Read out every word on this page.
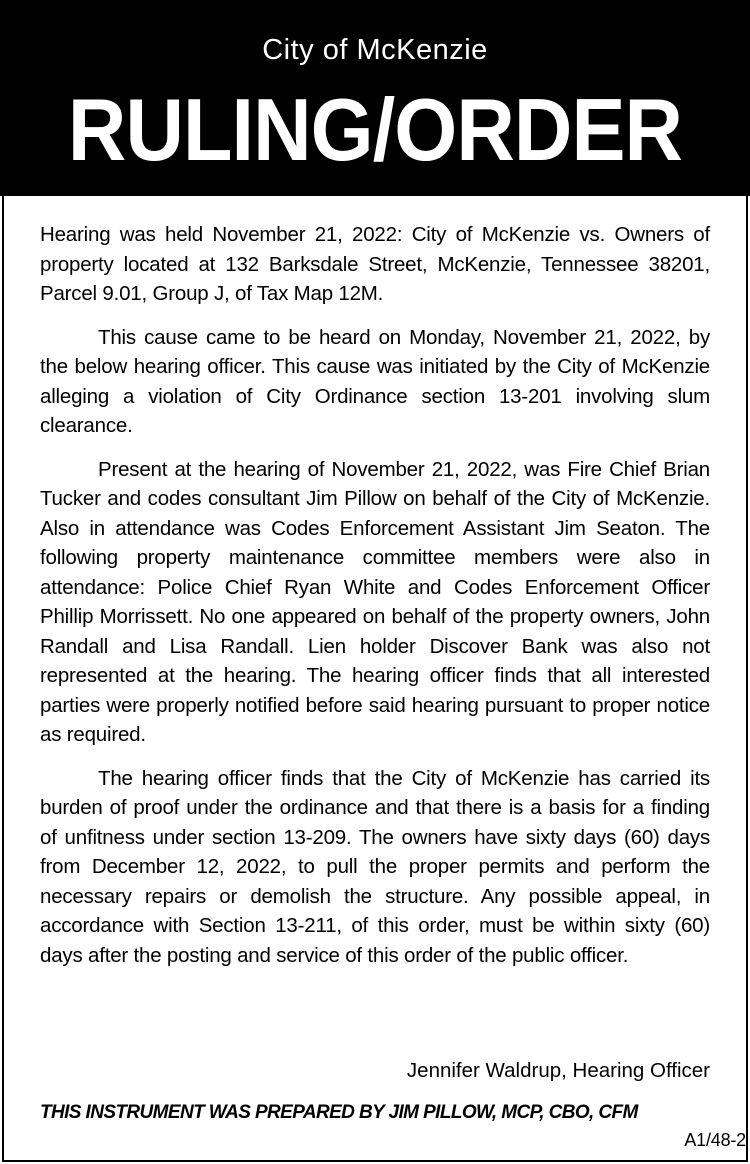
City of McKenzie
RULING/ORDER

Hearing was held November 21, 2022: City of McKenzie vs. Owners of property located at 132 Barksdale Street, McKenzie, Tennessee 38201, Parcel 9.01, Group J, of Tax Map 12M.

This cause came to be heard on Monday, November 21, 2022, by the below hearing officer. This cause was initiated by the City of McKenzie alleging a violation of City Ordinance section 13-201 involving slum clearance.

Present at the hearing of November 21, 2022, was Fire Chief Brian Tucker and codes consultant Jim Pillow on behalf of the City of McKenzie. Also in attendance was Codes Enforcement Assistant Jim Seaton. The following property maintenance committee members were also in attendance: Police Chief Ryan White and Codes Enforcement Officer Phillip Morrissett. No one appeared on behalf of the property owners, John Randall and Lisa Randall. Lien holder Discover Bank was also not represented at the hearing. The hearing officer finds that all interested parties were properly notified before said hearing pursuant to proper notice as required.

The hearing officer finds that the City of McKenzie has carried its burden of proof under the ordinance and that there is a basis for a finding of unfitness under section 13-209. The owners have sixty days (60) days from December 12, 2022, to pull the proper permits and perform the necessary repairs or demolish the structure. Any possible appeal, in accordance with Section 13-211, of this order, must be within sixty (60) days after the posting and service of this order of the public officer.

Jennifer Waldrup, Hearing Officer
THIS INSTRUMENT WAS PREPARED BY JIM PILLOW, MCP, CBO, CFM
A1/48-2
